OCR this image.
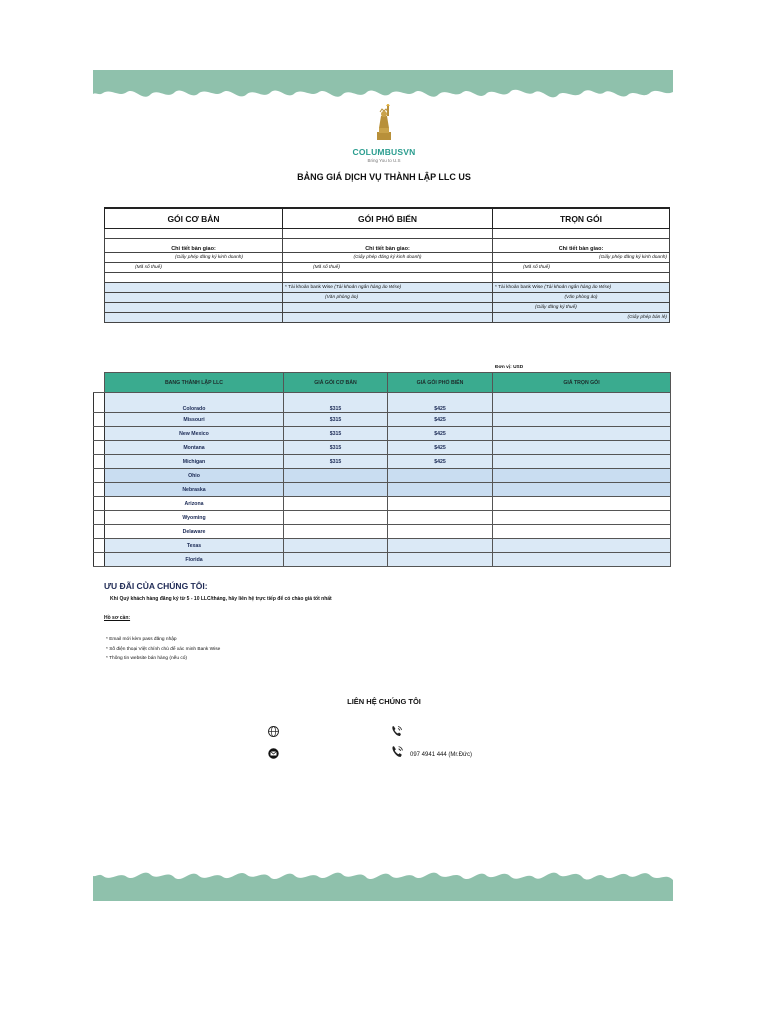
COLUMBUSVN
Bring You to U.S
BẢNG GIÁ DỊCH VỤ THÀNH LẬP LLC US
GÓI CƠ BẢN	GÓI PHỔ BIẾN	TRỌN GÓI

Chi tiết bàn giao:	Chi tiết bàn giao:	Chi tiết bàn giao:
(Giấy phép đăng ký kinh doanh)	(Giấy phép đăng ký kinh doanh)	(Giấy phép đăng ký kinh doanh)
(Mã số thuế)	(Mã số thuế)	(Mã số thuế)

	* Tài khoản bank Wise (Tài khoản ngân hàng ảo Wise)	* Tài khoản bank Wise (Tài khoản ngân hàng ảo Wise)
	(Văn phòng ảo)	(Văn phòng ảo)
		(Giấy đăng ký thuế)
		(Giấy phép bán lẻ)
Đơn vị: USD
	BANG THÀNH LẬP LLC	GIÁ GÓI CƠ BẢN	GIÁ GÓI PHỔ BIẾN	GIÁ TRỌN GÓI
	Colorado	$315	$425	
	Missouri	$315	$425	
	New Mexico	$315	$425	
	Montana	$315	$425	
	Michigan	$315	$425	
	Ohio			
	Nebraska			
	Arizona			
	Wyoming			
	Delaware			
	Texas			
	Florida			
ƯU ĐÃI CỦA CHÚNG TÔI:
Khi Quý khách hàng đăng ký từ 5 - 10 LLC/tháng, hãy liên hệ trực tiếp để có chào giá tốt nhất
Hồ sơ cần:
* Email mới kèm pass đăng nhập
* Số điện thoại Việt chính chủ để xác minh Bank Wise
* Thông tin website bán hàng (nếu có)
LIÊN HỆ CHÚNG TÔI
097 4941 444 (Mr.Đức)
